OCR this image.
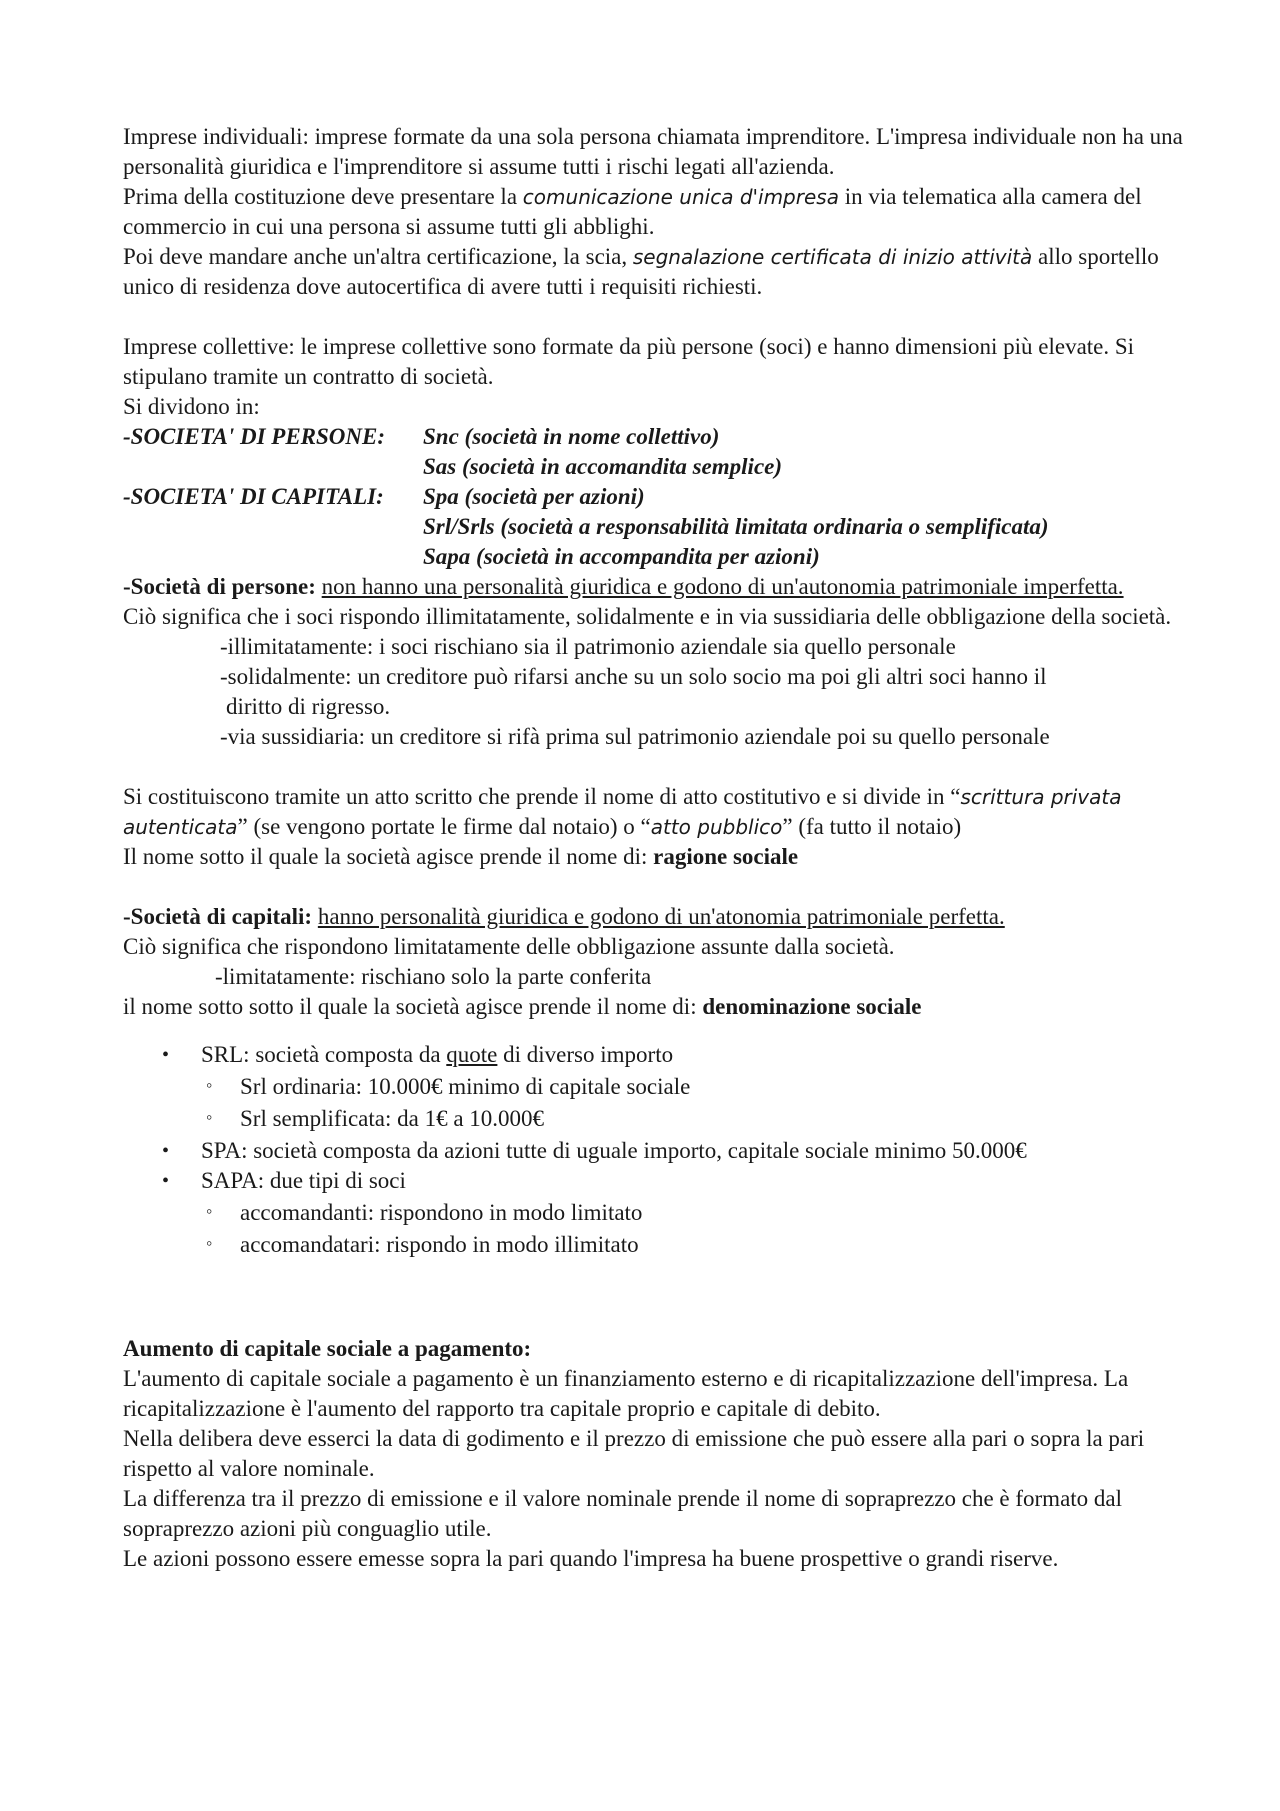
Imprese individuali: imprese formate da una sola persona chiamata imprenditore. L'impresa individuale non ha una personalità giuridica e l'imprenditore si assume tutti i rischi legati all'azienda.

Prima della costituzione deve presentare la comunicazione unica d'impresa in via telematica alla camera del commercio in cui una persona si assume tutti gli abblighi.

Poi deve mandare anche un'altra certificazione, la scia, segnalazione certificata di inizio attività allo sportello unico di residenza dove autocertifica di avere tutti i requisiti richiesti.

Imprese collettive: le imprese collettive sono formate da più persone (soci) e hanno dimensioni più elevate. Si stipulano tramite un contratto di società.

Si dividono in:

-SOCIETA' DI PERSONE:	Snc (società in nome collettivo)
Sas (società in accomandita semplice)
-SOCIETA' DI CAPITALI:	Spa (società per azioni)
Srl/Srls (società a responsabilità limitata ordinaria o semplificata)
Sapa (società in accompandita per azioni)

-Società di persone: non hanno una personalità giuridica e godono di un'autonomia patrimoniale imperfetta.

Ciò significa che i soci rispondo illimitatamente, solidalmente e in via sussidiaria delle obbligazione della società.

-illimitatamente: i soci rischiano sia il patrimonio aziendale sia quello personale

-solidalmente: un creditore può rifarsi anche su un solo socio ma poi gli altri soci hanno il

diritto di rigresso.

-via sussidiaria: un creditore si rifà prima sul patrimonio aziendale poi su quello personale

Si costituiscono tramite un atto scritto che prende il nome di atto costitutivo e si divide in “scrittura privata autenticata” (se vengono portate le firme dal notaio) o “atto pubblico” (fa tutto il notaio)

Il nome sotto il quale la società agisce prende il nome di: ragione sociale

-Società di capitali: hanno personalità giuridica e godono di un'atonomia patrimoniale perfetta.

Ciò significa che rispondono limitatamente delle obbligazione assunte dalla società.

-limitatamente: rischiano solo la parte conferita

il nome sotto sotto il quale la società agisce prende il nome di: denominazione sociale

• SRL: società composta da quote di diverso importo
◦ Srl ordinaria: 10.000€ minimo di capitale sociale
◦ Srl semplificata: da 1€ a 10.000€
• SPA: società composta da azioni tutte di uguale importo, capitale sociale minimo 50.000€
• SAPA: due tipi di soci
◦ accomandanti: rispondono in modo limitato
◦ accomandatari: rispondo in modo illimitato

Aumento di capitale sociale a pagamento:

L'aumento di capitale sociale a pagamento è un finanziamento esterno e di ricapitalizzazione dell'impresa. La ricapitalizzazione è l'aumento del rapporto tra capitale proprio e capitale di debito.

Nella delibera deve esserci la data di godimento e il prezzo di emissione che può essere alla pari o sopra la pari rispetto al valore nominale.

La differenza tra il prezzo di emissione e il valore nominale prende il nome di sopraprezzo che è formato dal sopraprezzo azioni più conguaglio utile.

Le azioni possono essere emesse sopra la pari quando l'impresa ha buene prospettive o grandi riserve.
